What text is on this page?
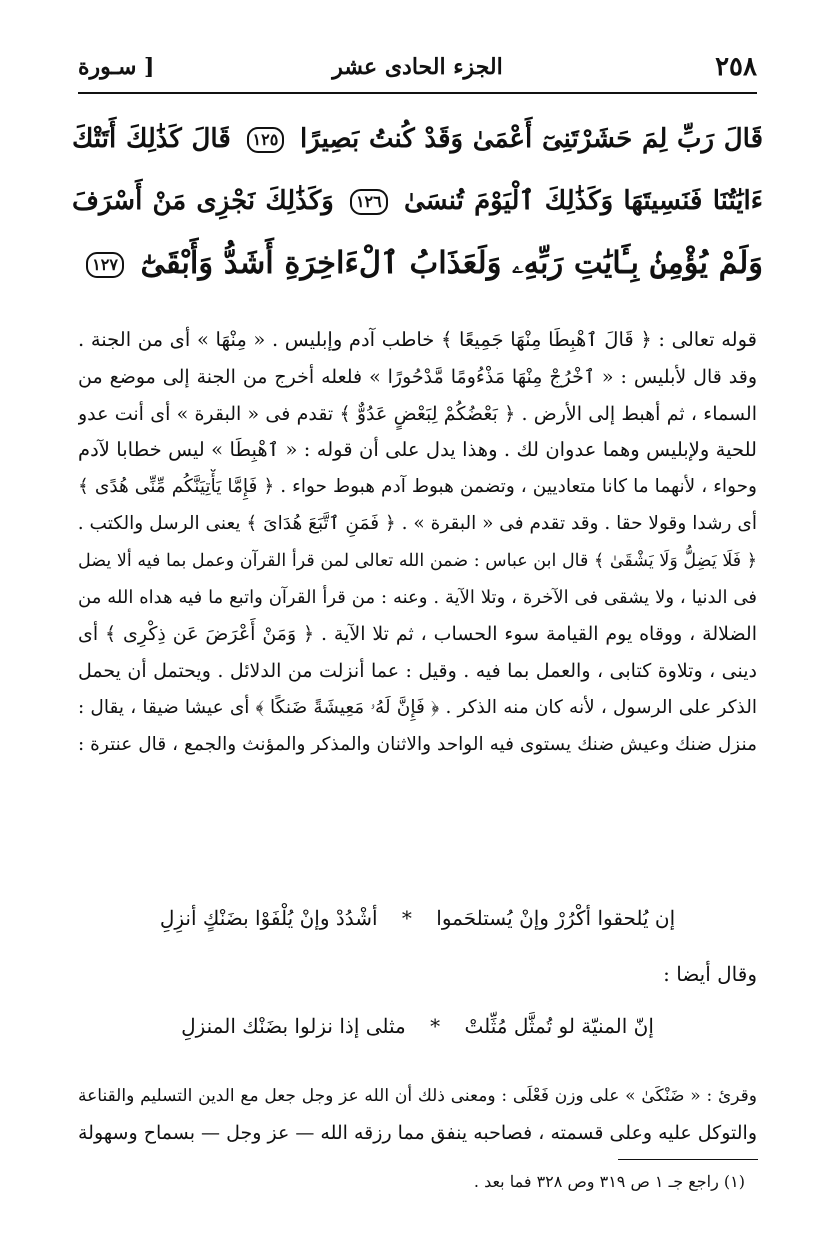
٢٥٨
الجزء الحادى عشر
[ سـورة
قَالَ رَبِّ لِمَ حَشَرْتَنِىٓ أَعْمَىٰ وَقَدْ كُنتُ بَصِيرًا ١٢٥ قَالَ كَذَٰلِكَ أَتَتْكَ
ءَايَٰتُنَا فَنَسِيتَهَا وَكَذَٰلِكَ ٱلْيَوْمَ تُنسَىٰ ١٢٦ وَكَذَٰلِكَ نَجْزِى مَنْ أَسْرَفَ
وَلَمْ يُؤْمِنۢ بِـَٔايَٰتِ رَبِّهِۦ وَلَعَذَابُ ٱلْءَاخِرَةِ أَشَدُّ وَأَبْقَىٰٓ ١٢٧
قوله تعالى : ﴿ قَالَ ٱهْبِطَا مِنْهَا جَمِيعًا ﴾ خاطب آدم وإبليس . « مِنْهَا » أى من الجنة .
وقد قال لأبليس : « ٱخْرُجْ مِنْهَا مَذْءُومًا مَّدْحُورًا » فلعله أخرج من الجنة إلى موضع من
السماء ، ثم أهبط إلى الأرض . ﴿ بَعْضُكُمْ لِبَعْضٍ عَدُوٌّ ﴾ تقدم فى « البقرة » أى أنت عدو
للحية ولإبليس وهما عدوان لك . وهذا يدل على أن قوله : « ٱهْبِطَا » ليس خطابا لآدم
وحواء ، لأنهما ما كانا متعاديين ، وتضمن هبوط آدم هبوط حواء . ﴿ فَإِمَّا يَأْتِيَنَّكُم مِّنِّى هُدًى ﴾
أى رشدا وقولا حقا . وقد تقدم فى « البقرة » . ﴿ فَمَنِ ٱتَّبَعَ هُدَاىَ ﴾ يعنى الرسل والكتب .
﴿ فَلَا يَضِلُّ وَلَا يَشْقَىٰ ﴾ قال ابن عباس : ضمن الله تعالى لمن قرأ القرآن وعمل بما فيه ألا يضل
فى الدنيا ، ولا يشقى فى الآخرة ، وتلا الآية . وعنه : من قرأ القرآن واتبع ما فيه هداه الله من
الضلالة ، ووقاه يوم القيامة سوء الحساب ، ثم تلا الآية . ﴿ وَمَنْ أَعْرَضَ عَن ذِكْرِى ﴾ أى
دينى ، وتلاوة كتابى ، والعمل بما فيه . وقيل : عما أنزلت من الدلائل . ويحتمل أن يحمل
الذكر على الرسول ، لأنه كان منه الذكر . ﴿ فَإِنَّ لَهُۥ مَعِيشَةً ضَنكًا ﴾ أى عيشا ضيقا ، يقال :
منزل ضنك وعيش ضنك يستوى فيه الواحد والاثنان والمذكر والمؤنث والجمع ، قال عنترة :
إن يُلحقوا أكْرُرْ وإنْ يُستلحَموا * أشْدُدْ وإنْ يُلْفَوْا بضَنْكٍ أنزِلِ
وقال أيضا :
إنّ المنيّة لو تُمثَّل مُثِّلتْ * مثلى إذا نزلوا بضَنْك المنزلِ
وقرئ : « ضَنْكَىٰ » على وزن فَعْلَى : ومعنى ذلك أن الله عز وجل جعل مع الدين التسليم والقناعة
والتوكل عليه وعلى قسمته ، فصاحبه ينفق مما رزقه الله — عز وجل — بسماح وسهولة
(١) راجع جـ ١ ص ٣١٩ وص ٣٢٨ فما بعد .
